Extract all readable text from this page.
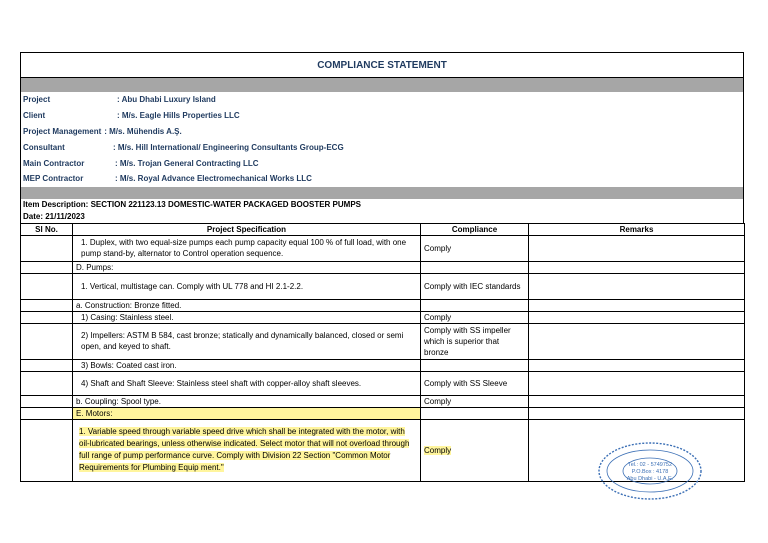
COMPLIANCE STATEMENT
Project	: Abu Dhabi Luxury Island
Client	: M/s. Eagle Hills Properties LLC
Project Management : M/s. Mühendis A.Ş.
Consultant	: M/s. Hill International/ Engineering Consultants Group-ECG
Main Contractor	: M/s. Trojan General Contracting LLC
MEP Contractor	: M/s. Royal Advance Electromechanical Works LLC
Item Description: SECTION 221123.13 DOMESTIC-WATER PACKAGED BOOSTER PUMPS
Date: 21/11/2023
Sl No.	Project Specification	Compliance	Remarks
	1. Duplex, with two equal-size pumps each pump capacity equal 100 % of full load, with one pump stand-by, alternator to Control operation sequence.	Comply	
	D. Pumps:		
	1. Vertical, multistage can. Comply with UL 778 and HI 2.1-2.2.	Comply with IEC standards	
	a. Construction: Bronze fitted.		
	1) Casing: Stainless steel.	Comply	
	2) Impellers: ASTM B 584, cast bronze; statically and dynamically balanced, closed or semi open, and keyed to shaft.	Comply with SS impeller which is superior that bronze	
	3) Bowls: Coated cast iron.		
	4) Shaft and Shaft Sleeve: Stainless steel shaft with copper-alloy shaft sleeves.	Comply with SS Sleeve	
	b. Coupling: Spool type.	Comply	
	E. Motors:		
	1. Variable speed through variable speed drive which shall be integrated with the motor, with oil-lubricated bearings, unless otherwise indicated. Select motor that will not overload through full range of pump performance curve. Comply with Division 22 Section "Common Motor Requirements for Plumbing Equip ment."	Comply	
Tel.: 02 - 5749752
P.O.Box : 4178
Abu Dhabi - U.A.E.
